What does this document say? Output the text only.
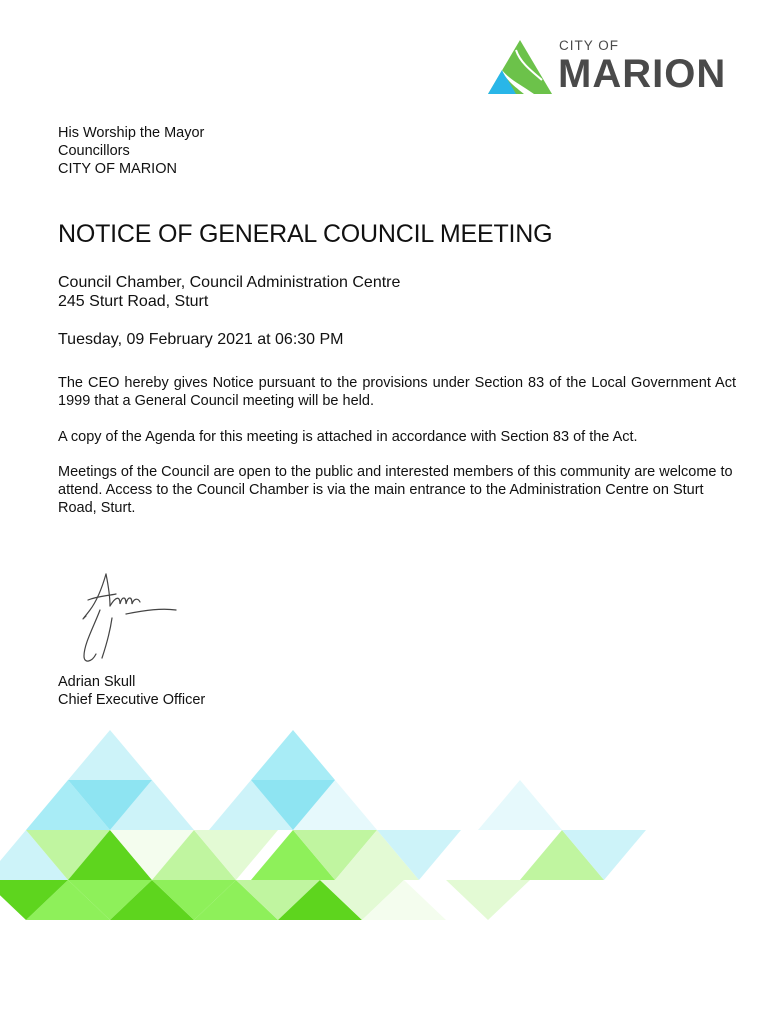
CITY OF
MARION
His Worship the Mayor
Councillors
CITY OF MARION
NOTICE OF GENERAL COUNCIL MEETING
Council Chamber, Council Administration Centre
245 Sturt Road, Sturt
Tuesday, 09 February 2021 at 06:30 PM
The CEO hereby gives Notice pursuant to the provisions under Section 83 of the Local Government Act 1999 that a General Council meeting will be held.
A copy of the Agenda for this meeting is attached in accordance with Section 83 of the Act.
Meetings of the Council are open to the public and interested members of this community are welcome to attend. Access to the Council Chamber is via the main entrance to the Administration Centre on Sturt Road, Sturt.
Adrian Skull
Chief Executive Officer
